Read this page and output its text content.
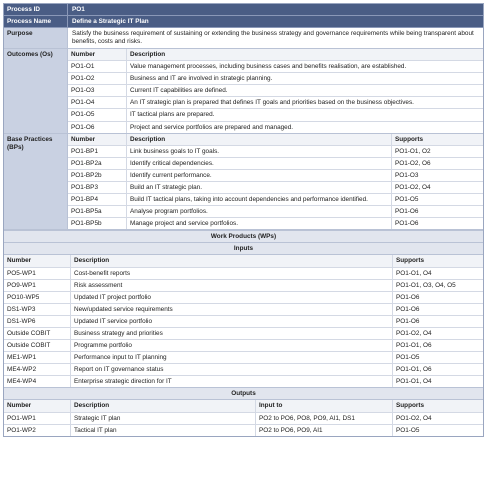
Process ID	PO1
Process Name	Define a Strategic IT Plan
Purpose	Satisfy the business requirement of sustaining or extending the business strategy and governance requirements while being transparent about benefits, costs and risks.
Outcomes (Os)	Number	Description
PO1-O1	Value management processes, including business cases and benefits realisation, are established.
PO1-O2	Business and IT are involved in strategic planning.
PO1-O3	Current IT capabilities are defined.
PO1-O4	An IT strategic plan is prepared that defines IT goals and priorities based on the business objectives.
PO1-O5	IT tactical plans are prepared.
PO1-O6	Project and service portfolios are prepared and managed.
Base Practices (BPs)
Number	Description	Supports
PO1-BP1	Link business goals to IT goals.	PO1-O1, O2
PO1-BP2a	Identify critical dependencies.	PO1-O2, O6
PO1-BP2b	Identify current performance.	PO1-O3
PO1-BP3	Build an IT strategic plan.	PO1-O2, O4
PO1-BP4	Build IT tactical plans, taking into account dependencies and performance identified.	PO1-O5
PO1-BP5a	Analyse program portfolios.	PO1-O6
PO1-BP5b	Manage project and service portfolios.	PO1-O6
Work Products (WPs)
Inputs
Number	Description	Supports
PO5-WP1	Cost-benefit reports	PO1-O1, O4
PO9-WP1	Risk assessment	PO1-O1, O3, O4, O5
PO10-WP5	Updated IT project portfolio	PO1-O6
DS1-WP3	New/updated service requirements	PO1-O6
DS1-WP6	Updated IT service portfolio	PO1-O6
Outside COBIT	Business strategy and priorities	PO1-O2, O4
Outside COBIT	Programme portfolio	PO1-O1, O6
ME1-WP1	Performance input to IT planning	PO1-O5
ME4-WP2	Report on IT governance status	PO1-O1, O6
ME4-WP4	Enterprise strategic direction for IT	PO1-O1, O4
Outputs
Number	Description	Input to	Supports
PO1-WP1	Strategic IT plan	PO2 to PO6, PO8, PO9, AI1, DS1	PO1-O2, O4
PO1-WP2	Tactical IT plan	PO2 to PO6, PO9, AI1	PO1-O5
